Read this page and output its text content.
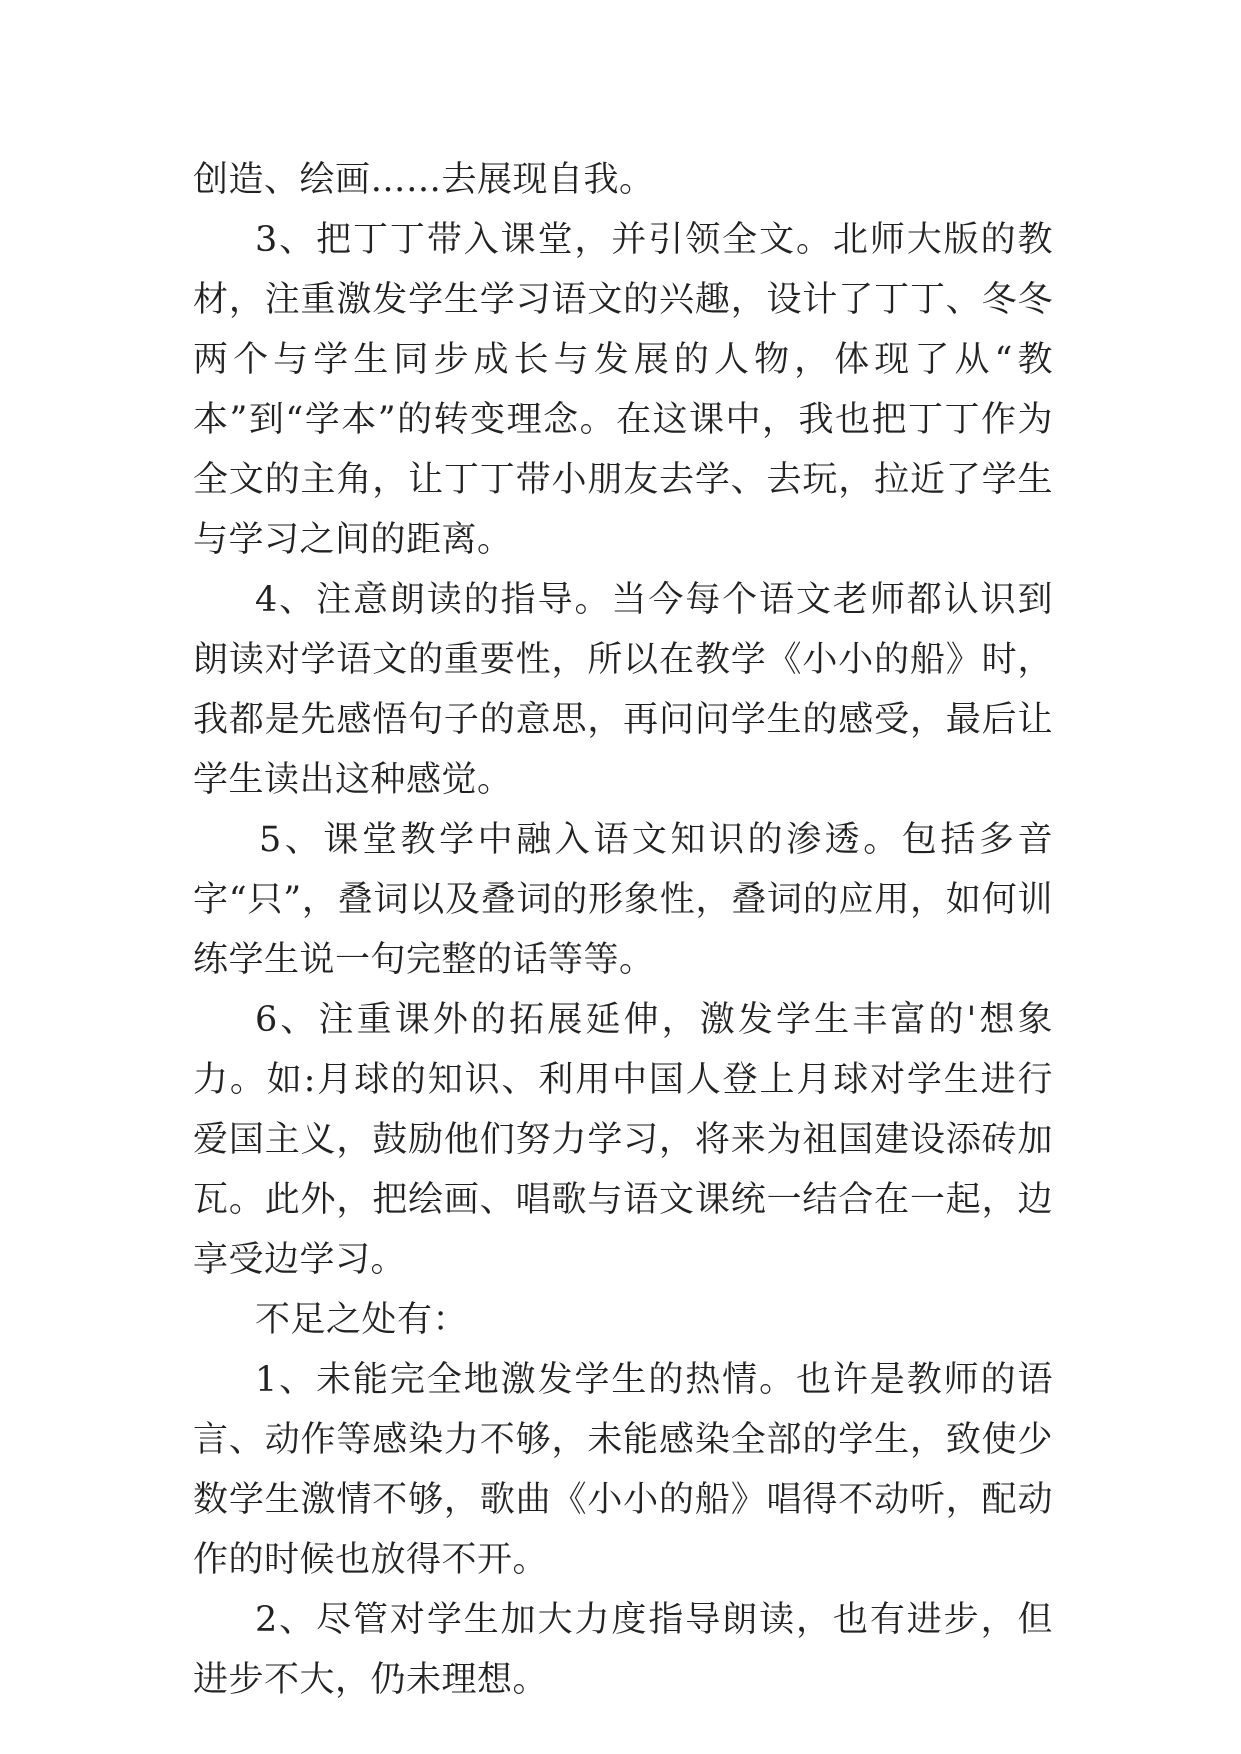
创造、绘画……去展现自我。

3、把丁丁带入课堂，并引领全文。北师大版的教材，注重激发学生学习语文的兴趣，设计了丁丁、冬冬两个与学生同步成长与发展的人物，体现了从“教本”到“学本”的转变理念。在这课中，我也把丁丁作为全文的主角，让丁丁带小朋友去学、去玩，拉近了学生与学习之间的距离。

4、注意朗读的指导。当今每个语文老师都认识到朗读对学语文的重要性，所以在教学《小小的船》时，我都是先感悟句子的意思，再问问学生的感受，最后让学生读出这种感觉。

5、课堂教学中融入语文知识的渗透。包括多音字“只”，叠词以及叠词的形象性，叠词的应用，如何训练学生说一句完整的话等等。

6、注重课外的拓展延伸，激发学生丰富的'想象力。如:月球的知识、利用中国人登上月球对学生进行爱国主义，鼓励他们努力学习，将来为祖国建设添砖加瓦。此外，把绘画、唱歌与语文课统一结合在一起，边享受边学习。

不足之处有：

1、未能完全地激发学生的热情。也许是教师的语言、动作等感染力不够，未能感染全部的学生，致使少数学生激情不够，歌曲《小小的船》唱得不动听，配动作的时候也放得不开。

2、尽管对学生加大力度指导朗读，也有进步，但进步不大，仍未理想。
